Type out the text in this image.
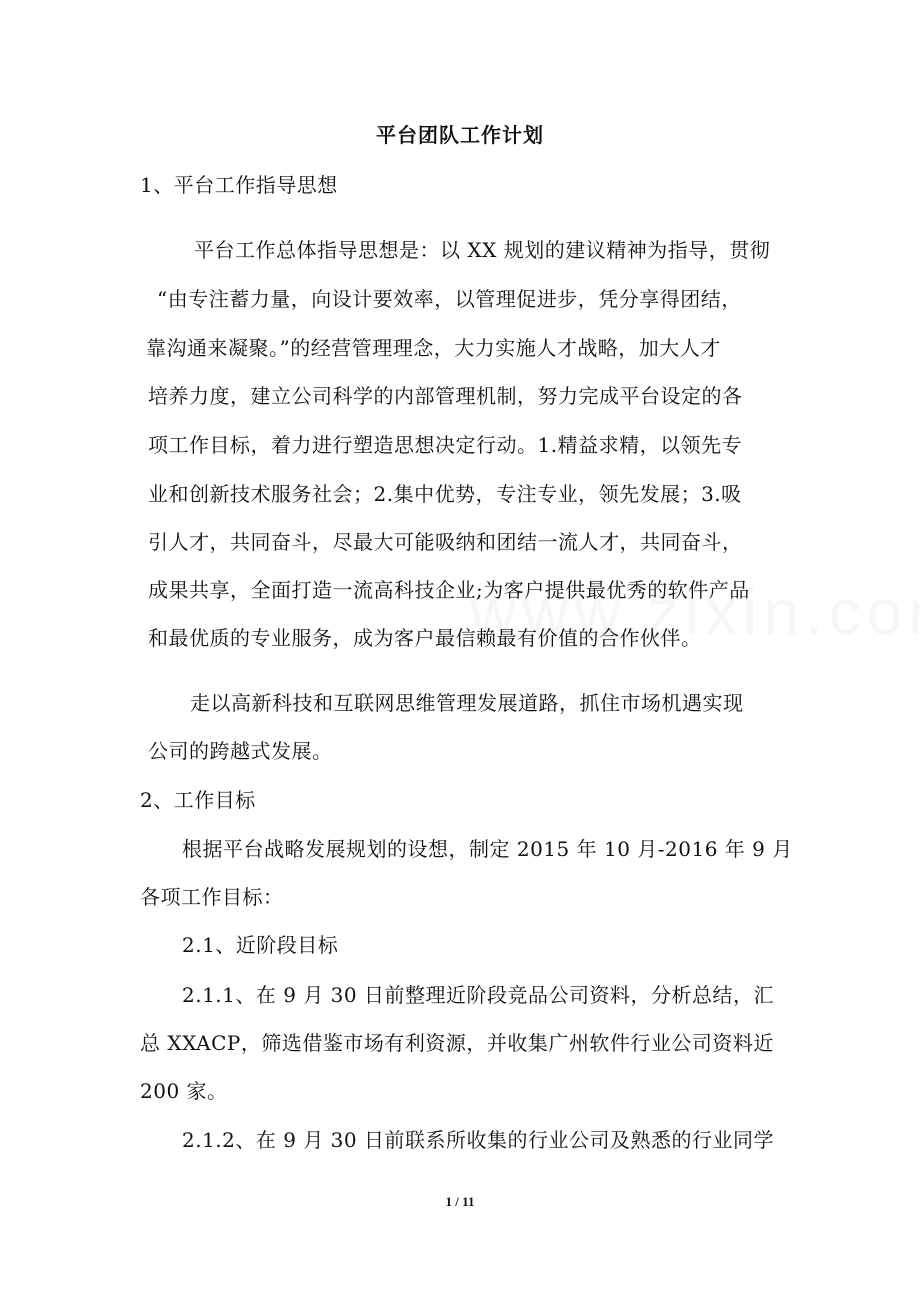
平台团队工作计划
1、平台工作指导思想
平台工作总体指导思想是：以 XX 规划的建议精神为指导，贯彻
“由专注蓄力量，向设计要效率，以管理促进步，凭分享得团结，
靠沟通来凝聚。”的经营管理理念，大力实施人才战略，加大人才
培养力度，建立公司科学的内部管理机制，努力完成平台设定的各
项工作目标，着力进行塑造思想决定行动。1.精益求精，以领先专
业和创新技术服务社会；2.集中优势，专注专业，领先发展；3.吸
引人才，共同奋斗，尽最大可能吸纳和团结一流人才，共同奋斗，
成果共享，全面打造一流高科技企业;为客户提供最优秀的软件产品
和最优质的专业服务，成为客户最信赖最有价值的合作伙伴。
走以高新科技和互联网思维管理发展道路，抓住市场机遇实现
公司的跨越式发展。
2、工作目标
根据平台战略发展规划的设想，制定 2015 年 10 月-2016 年 9 月
各项工作目标：
2.1、近阶段目标
2.1.1、在 9 月 30 日前整理近阶段竞品公司资料，分析总结，汇
总 XXACP，筛选借鉴市场有利资源，并收集广州软件行业公司资料近
200 家。
2.1.2、在 9 月 30 日前联系所收集的行业公司及熟悉的行业同学
1 / 11
